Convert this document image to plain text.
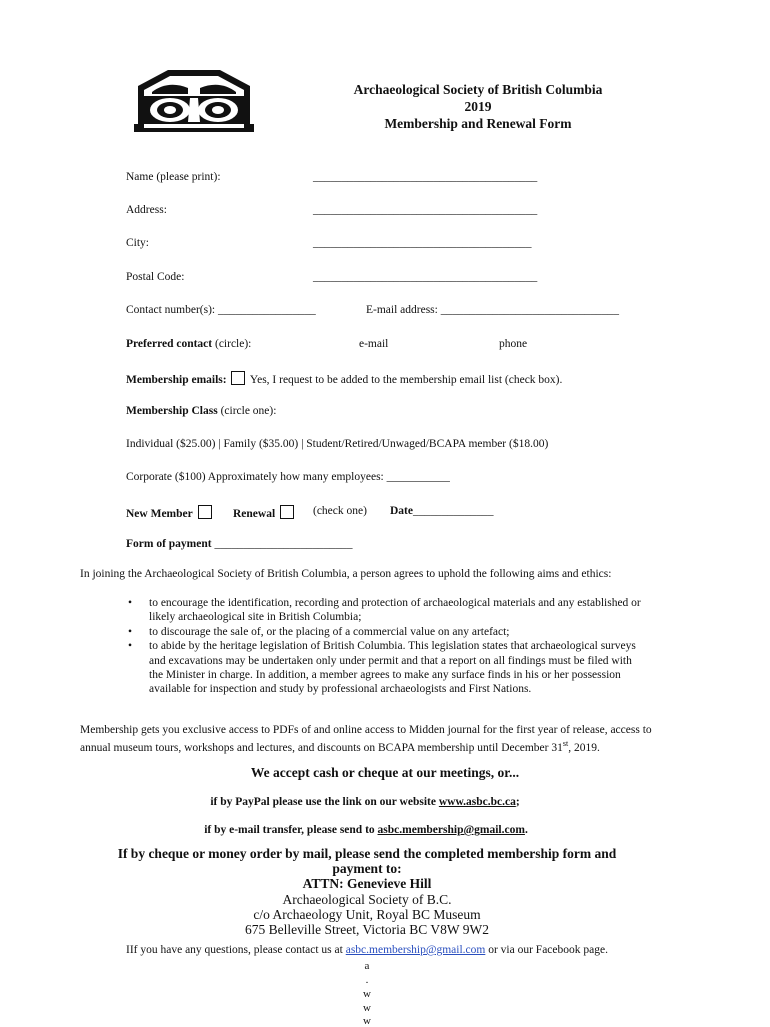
Archaeological Society of British Columbia
2019
Membership and Renewal Form
Name (please print):	_______________________________________
Address:	_______________________________________
City:	______________________________________
Postal Code:	_______________________________________
Contact number(s): _________________	E-mail address: _______________________________
Preferred contact (circle):	e-mail	phone
Membership emails:  Yes, I request to be added to the membership email list (check box).
Membership Class (circle one):
Individual ($25.00) | Family ($35.00) | Student/Retired/Unwaged/BCAPA member ($18.00)
Corporate ($100) Approximately how many employees: ___________
New Member	Renewal	(check one) Date______________
Form of payment ________________________
In joining the Archaeological Society of British Columbia, a person agrees to uphold the following aims and ethics:
• to encourage the identification, recording and protection of archaeological materials and any established or likely archaeological site in British Columbia;
• to discourage the sale of, or the placing of a commercial value on any artefact;
• to abide by the heritage legislation of British Columbia. This legislation states that archaeological surveys and excavations may be undertaken only under permit and that a report on all findings must be filed with the Minister in charge. In addition, a member agrees to make any surface finds in his or her possession available for inspection and study by professional archaeologists and First Nations.
Membership gets you exclusive access to PDFs of and online access to Midden journal for the first year of release, access to annual museum tours, workshops and lectures, and discounts on BCAPA membership until December 31st, 2019.
We accept cash or cheque at our meetings, or...
if by PayPal please use the link on our website www.asbc.bc.ca;
if by e-mail transfer, please send to asbc.membership@gmail.com.
If by cheque or money order by mail, please send the completed membership form and
payment to:
ATTN: Genevieve Hill
Archaeological Society of B.C.
c/o Archaeology Unit, Royal BC Museum
675 Belleville Street, Victoria BC V8W 9W2
IIf you have any questions, please contact us at asbc.membership@gmail.com or via our Facebook page.
a
.
w
w
w
